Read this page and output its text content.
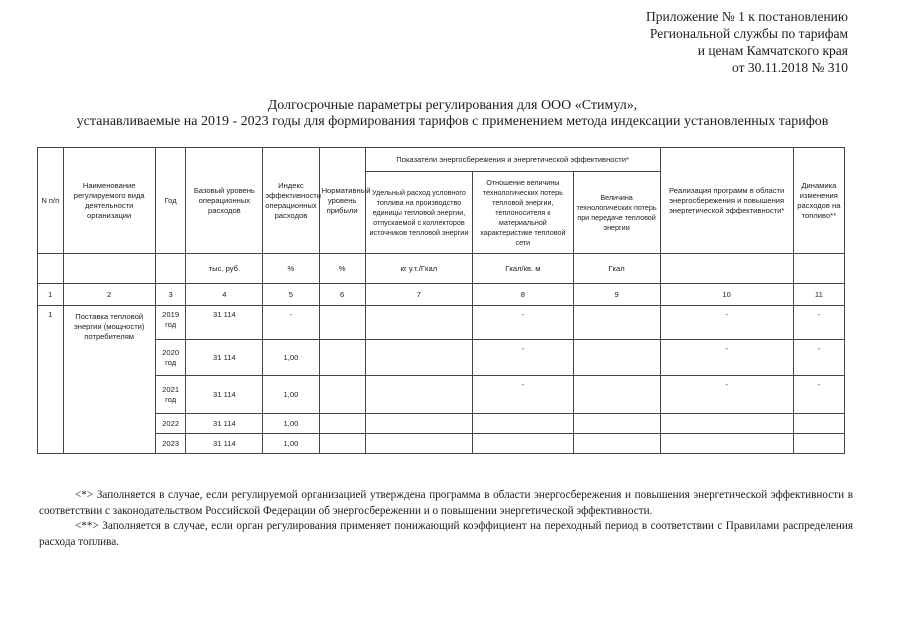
Приложение № 1 к постановлению
Региональной службы по тарифам
и ценам Камчатского края
от 30.11.2018 № 310
Долгосрочные параметры регулирования для ООО «Стимул»,
устанавливаемые на 2019 - 2023 годы для формирования тарифов с применением метода индексации установленных тарифов
N п/п	Наименование регулируемого вида деятельности организации	Год	Базовый уровень операционных расходов	Индекс эффективности операционных расходов	Нормативный уровень прибыли	Показатели энергосбережения и энергетической эффективности*			Реализация программ в области энергосбережения и повышения энергетической эффективности*	Динамика изменения расходов на топливо**
						Удельный расход условного топлива на производство единицы тепловой энергии, отпускаемой с коллекторов источников тепловой энергии	Отношение величины технологических потерь тепловой энергии, теплоносителя к материальной характеристике тепловой сети	Величина технологических потерь при передаче тепловой энергии		
			тыс. руб.	%	%	кг у.т./Гкал	Гкал/кв. м	Гкал		
1	2	3	4	5	6	7	8	9	10	11
1	Поставка тепловой энергии (мощности) потребителям	2019 год	31 114	-			-		-	-
		2020 год	31 114	1,00			-		-	-
		2021 год	31 114	1,00			-		-	-
		2022	31 114	1,00						
		2023	31 114	1,00						

<*> Заполняется в случае, если регулируемой организацией утверждена программа в области энергосбережения и повышения энергетической эффективности в соответствии с законодательством Российской Федерации об энергосбережении и о повышении энергетической эффективности.

<**> Заполняется в случае, если орган регулирования применяет понижающий коэффициент на переходный период в соответствии с Правилами распределения расхода топлива.
